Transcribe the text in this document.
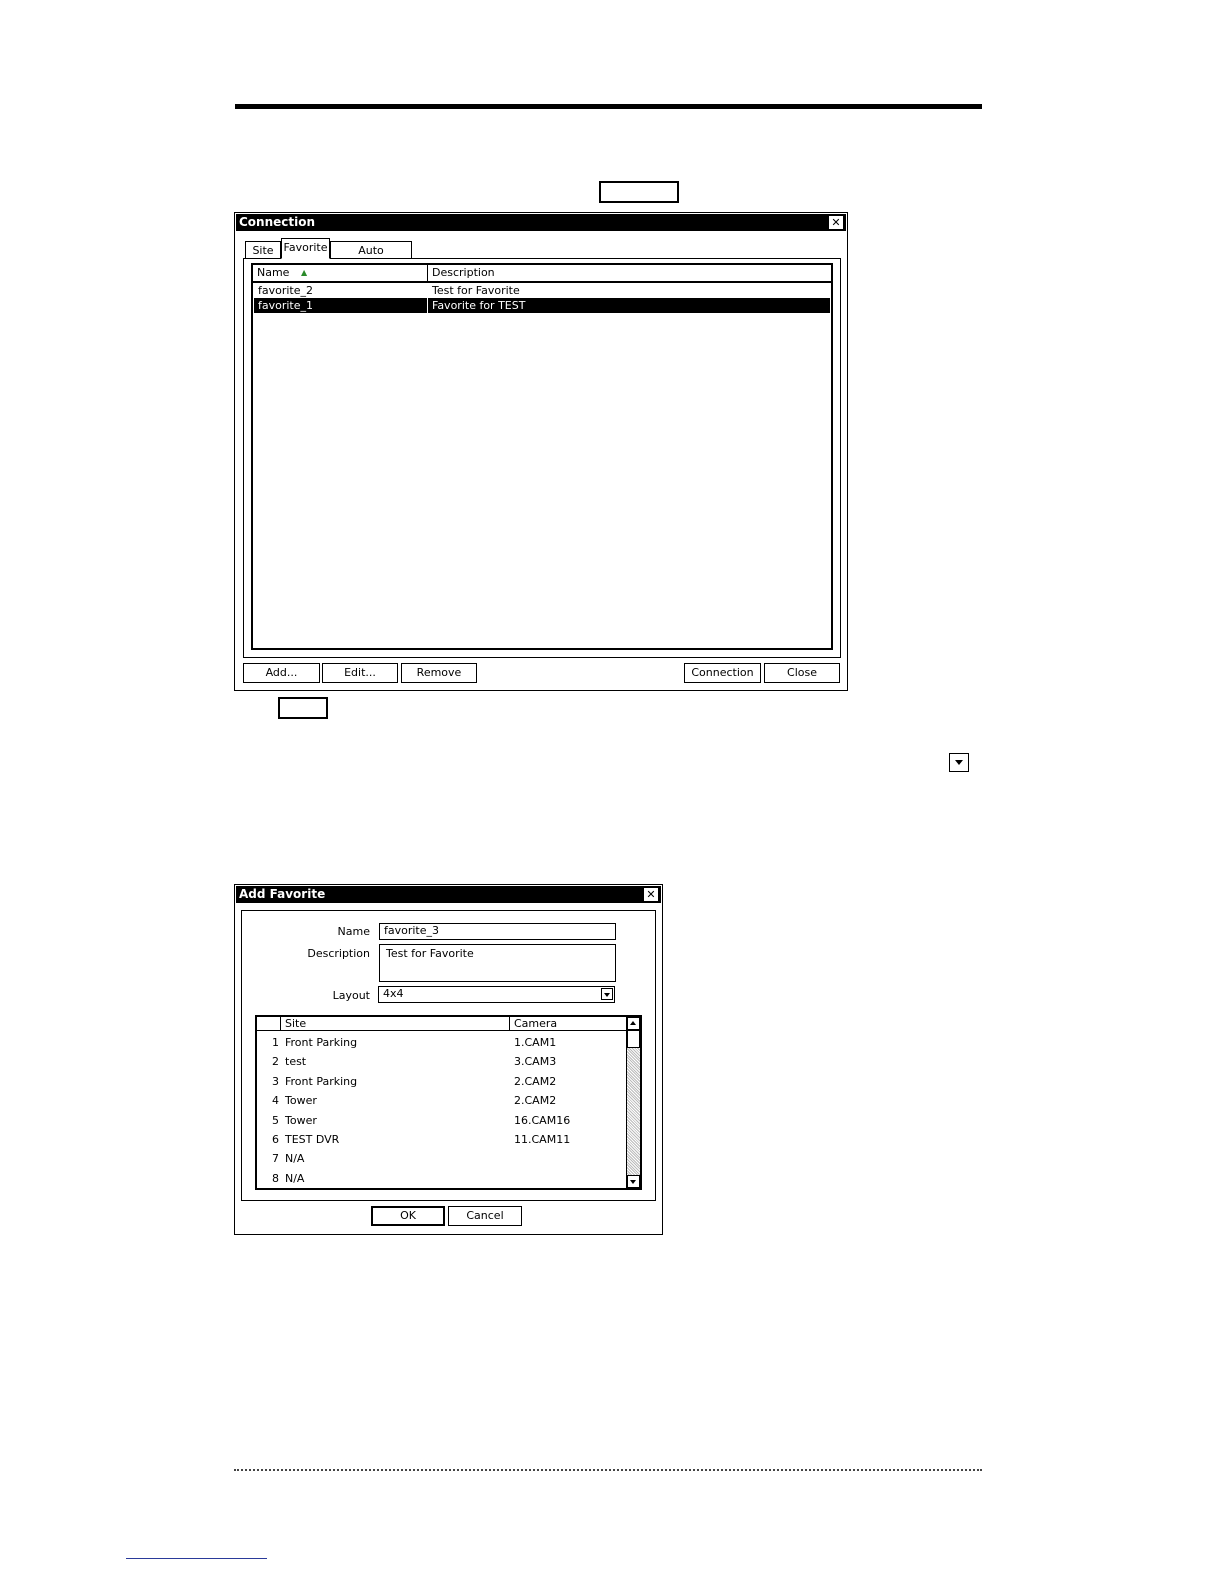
Connection	✕
Site Favorite	Auto
Name ▲	Description
favorite_2	Test for Favorite
favorite_1	Favorite for TEST
Add...	Edit...	Remove	Connection	Close
Add Favorite	✕
Name	favorite_3
Description	Test for Favorite
Layout	4x4
Site	Camera
1 Front Parking	1.CAM1
2 test	3.CAM3
3 Front Parking	2.CAM2
4 Tower	2.CAM2
5 Tower	16.CAM16
6 TEST DVR	11.CAM11
7 N/A
8 N/A
OK	Cancel
